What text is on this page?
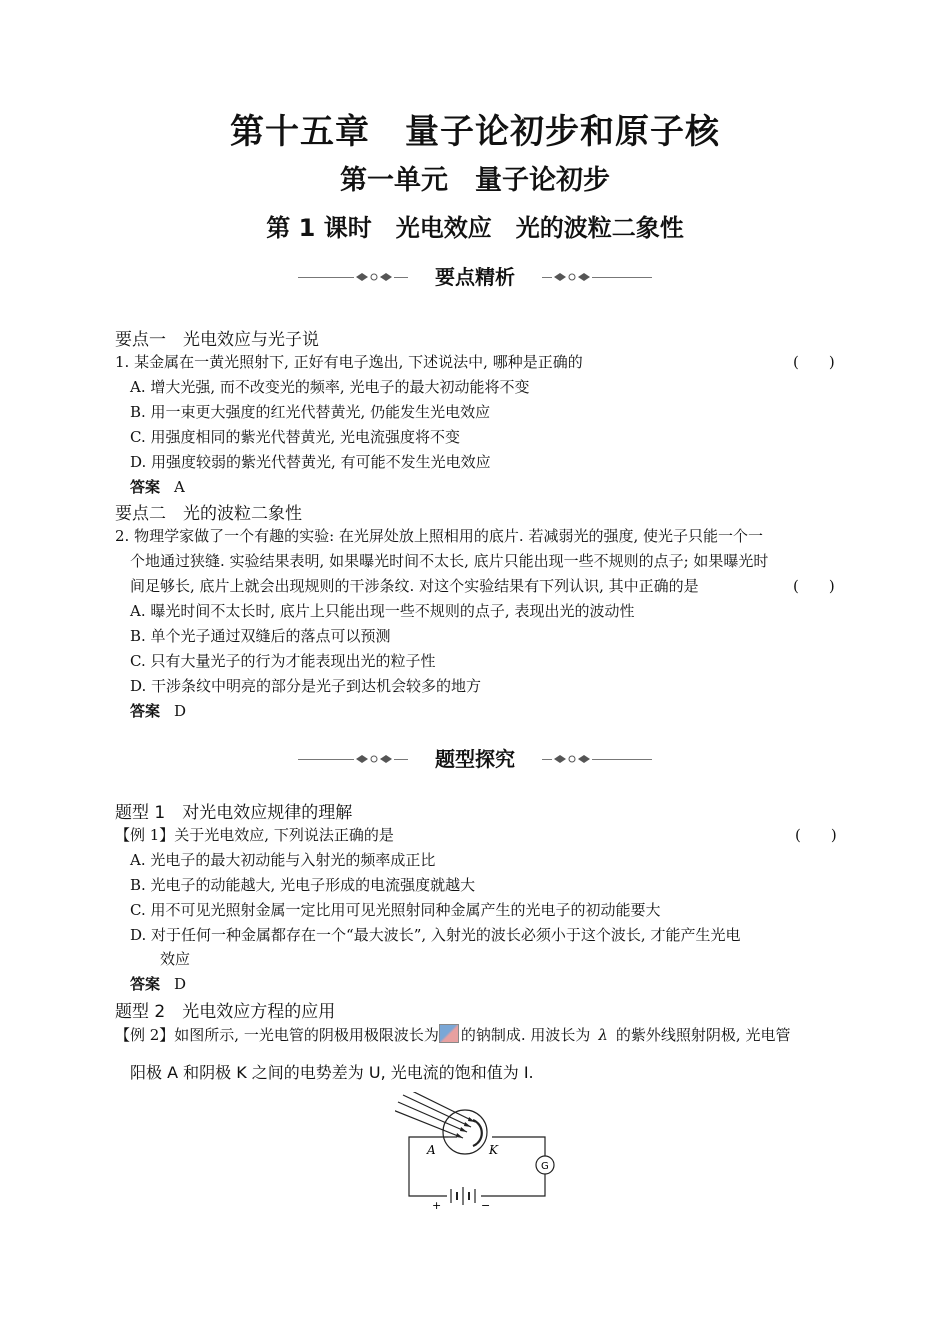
第十五章　量子论初步和原子核
第一单元　量子论初步
第 1 课时　光电效应　光的波粒二象性
要点精析
要点一　光电效应与光子说
1. 某金属在一黄光照射下, 正好有电子逸出, 下述说法中, 哪种是正确的	(　　)
A. 增大光强, 而不改变光的频率, 光电子的最大初动能将不变
B. 用一束更大强度的红光代替黄光, 仍能发生光电效应
C. 用强度相同的紫光代替黄光, 光电流强度将不变
D. 用强度较弱的紫光代替黄光, 有可能不发生光电效应
答案 A
要点二　光的波粒二象性
2. 物理学家做了一个有趣的实验: 在光屏处放上照相用的底片. 若减弱光的强度, 使光子只能一个一
个地通过狭缝. 实验结果表明, 如果曝光时间不太长, 底片只能出现一些不规则的点子; 如果曝光时
间足够长, 底片上就会出现规则的干涉条纹. 对这个实验结果有下列认识, 其中正确的是	(　　)
A. 曝光时间不太长时, 底片上只能出现一些不规则的点子, 表现出光的波动性
B. 单个光子通过双缝后的落点可以预测
C. 只有大量光子的行为才能表现出光的粒子性
D. 干涉条纹中明亮的部分是光子到达机会较多的地方
答案 D
题型探究
题型 1　对光电效应规律的理解
【例 1】关于光电效应, 下列说法正确的是	(　　)
A. 光电子的最大初动能与入射光的频率成正比
B. 光电子的动能越大, 光电子形成的电流强度就越大
C. 用不可见光照射金属一定比用可见光照射同种金属产生的光电子的初动能要大
D. 对于任何一种金属都存在一个“最大波长”, 入射光的波长必须小于这个波长, 才能产生光电
效应
答案 D
题型 2　光电效应方程的应用
【例 2】如图所示, 一光电管的阴极用极限波长为 的钠制成. 用波长为 λ 的紫外线照射阴极, 光电管
阳极 A 和阴极 K 之间的电势差为 U, 光电流的饱和值为 I.
A	K
G
+	−
